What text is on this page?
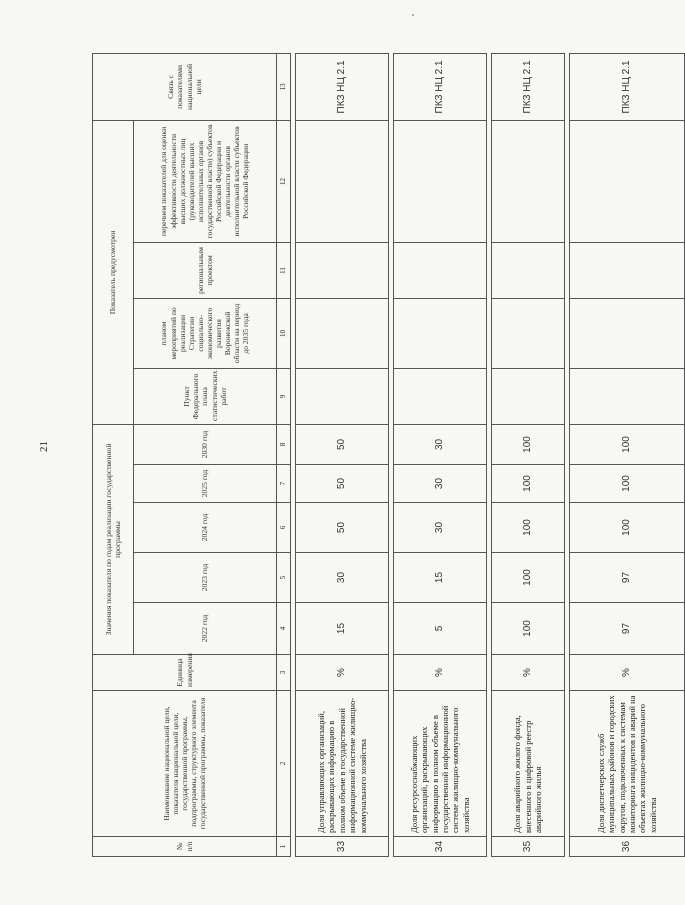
21
№ п/п	Наименование национальной цели, показателя национальной цели, государственной программы, подпрограммы, структурного элемента государственной программы, показателя	Единица измерения	Значения показателя по годам реализации государственной программы					Показатель предусмотрен				Связь с показателями национальной цели
			2022 год	2023 год	2024 год	2025 год	2030 год	Пункт Федерального плана статистических работ	планом мероприятий по реализации Стратегии социально-экономического развития Воронежской области на период до 2035 года	региональным проектом	перечнем показателей для оценки эффективности деятельности высших должностных лиц (руководителей высших исполнительных органов государственной власти) субъектов Российской Федерации и деятельности органов исполнительной власти субъектов Российской Федерации	
1	2	3	4	5	6	7	8	9	10	11	12	13

33	Доля управляющих организаций, раскрывающих информацию в полном объеме в государственной информационной системе жилищно-коммунального хозяйства	%	15	30	50	50	50					ПКЗ НЦ 2.1

34	Доля ресурсоснабжающих организаций, раскрывающих информацию в полном объеме в государственной информационной системе жилищно-коммунального хозяйства	%	5	15	30	30	30					ПКЗ НЦ 2.1

35	Доля аварийного жилого фонда, внесенного в цифровой реестр аварийного жилья	%	100	100	100	100	100					ПКЗ НЦ 2.1

36	Доля диспетчерских служб муниципальных районов и городских округов, подключенных к системам мониторинга инцидентов и аварий на объектах жилищно-коммунального хозяйства	%	97	97	100	100	100					ПКЗ НЦ 2.1
